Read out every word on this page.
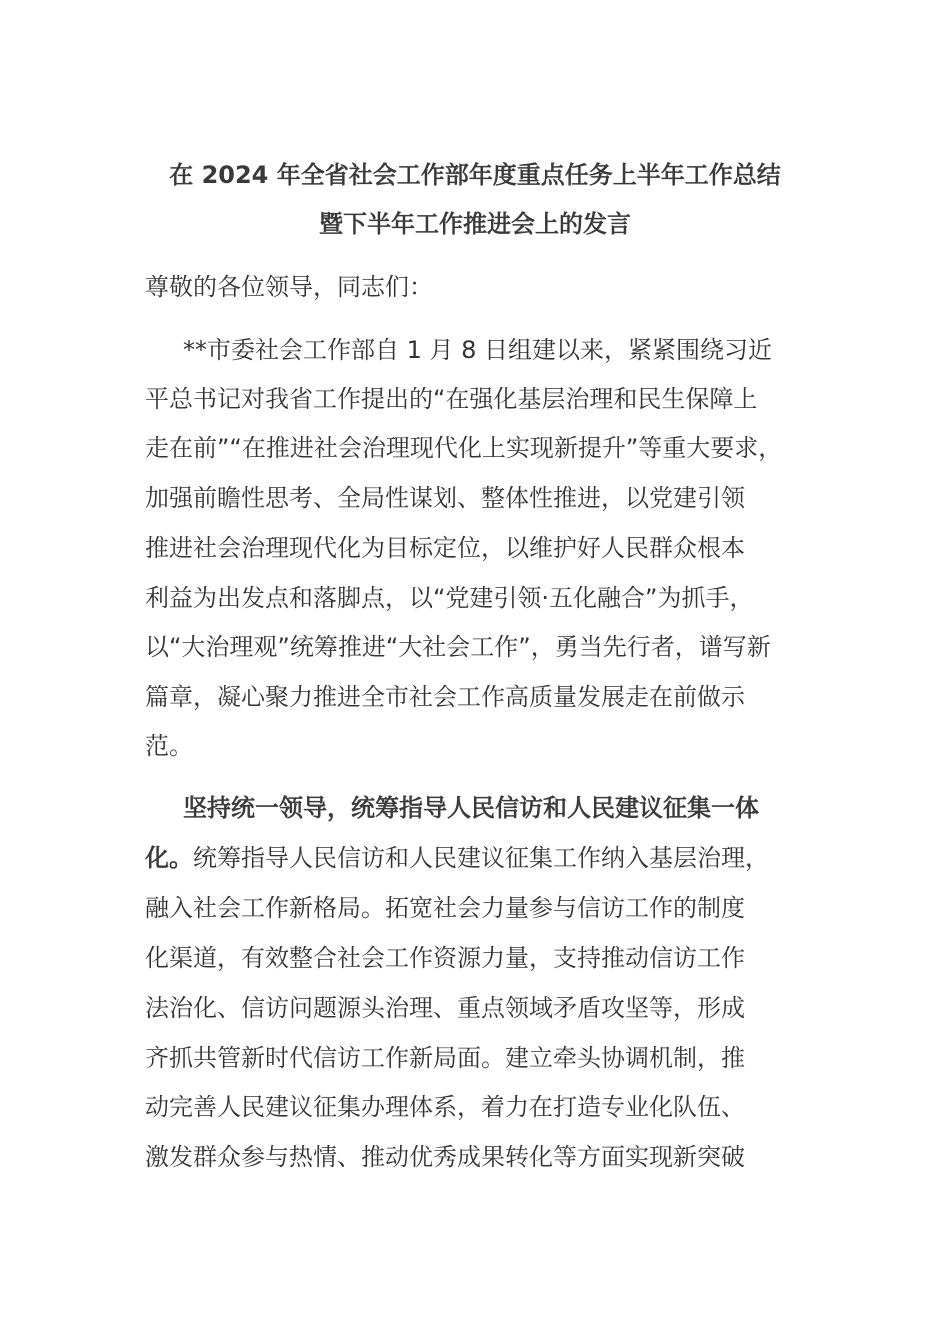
在 2024 年全省社会工作部年度重点任务上半年工作总结
暨下半年工作推进会上的发言
尊敬的各位领导，同志们：
**市委社会工作部自 1 月 8 日组建以来，紧紧围绕习近
平总书记对我省工作提出的“在强化基层治理和民生保障上
走在前”“在推进社会治理现代化上实现新提升”等重大要求，
加强前瞻性思考、全局性谋划、整体性推进，以党建引领
推进社会治理现代化为目标定位，以维护好人民群众根本
利益为出发点和落脚点，以“党建引领·五化融合”为抓手，
以“大治理观”统筹推进“大社会工作”，勇当先行者，谱写新
篇章，凝心聚力推进全市社会工作高质量发展走在前做示
范。
坚持统一领导，统筹指导人民信访和人民建议征集一体
化。统筹指导人民信访和人民建议征集工作纳入基层治理，
融入社会工作新格局。拓宽社会力量参与信访工作的制度
化渠道，有效整合社会工作资源力量，支持推动信访工作
法治化、信访问题源头治理、重点领域矛盾攻坚等，形成
齐抓共管新时代信访工作新局面。建立牵头协调机制，推
动完善人民建议征集办理体系，着力在打造专业化队伍、
激发群众参与热情、推动优秀成果转化等方面实现新突破
